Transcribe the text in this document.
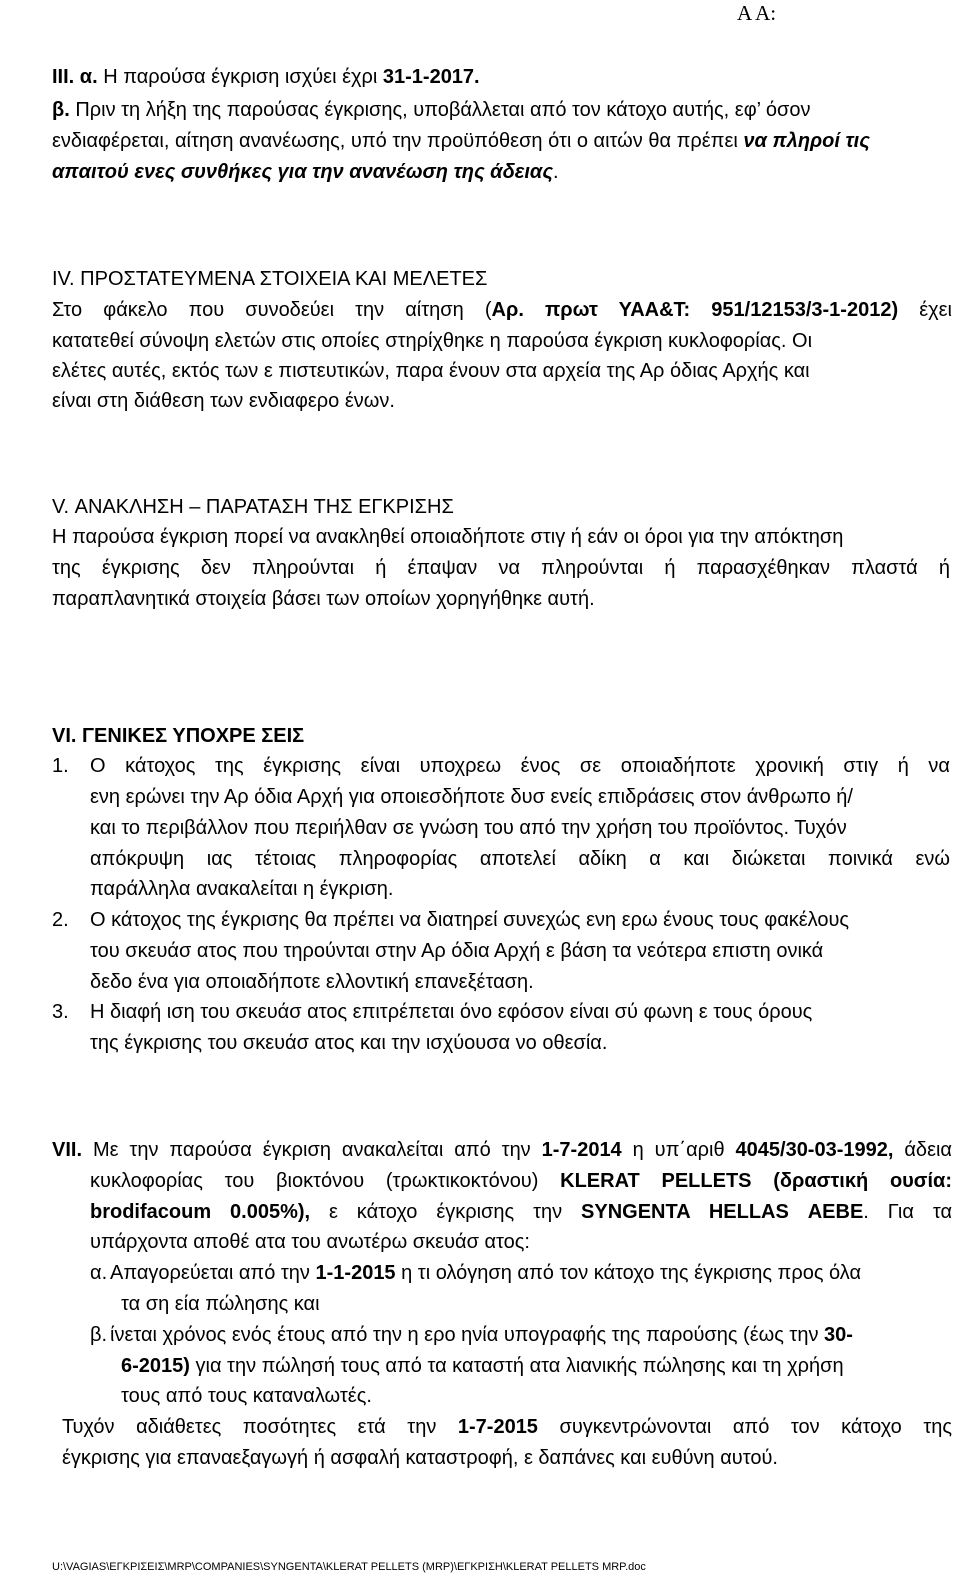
Α Α:
ΙΙΙ. α. Η παρούσα έγκριση ισχύει έχρι 31-1-2017.
β. Πριν τη λήξη της παρούσας έγκρισης, υποβάλλεται από τον κάτοχο αυτής, εφ’ όσον
ενδιαφέρεται, αίτηση ανανέωσης, υπό την προϋπόθεση ότι ο αιτών θα πρέπει να πληροί τις
απαιτού ενες συνθήκες για την ανανέωση της άδειας.
IV. ΠΡΟΣΤΑΤΕΥΜΕΝΑ ΣΤΟΙΧΕΙΑ ΚΑΙ ΜΕΛΕΤΕΣ
Στο φάκελο που συνοδεύει την αίτηση (Αρ. πρωτ ΥΑΑ&Τ: 951/12153/3-1-2012) έχει
κατατεθεί σύνοψη ελετών στις οποίες στηρίχθηκε η παρούσα έγκριση κυκλοφορίας. Οι
ελέτες αυτές, εκτός των ε πιστευτικών, παρα ένουν στα αρχεία της Αρ όδιας Αρχής και
είναι στη διάθεση των ενδιαφερο ένων.
V. ΑΝΑΚΛΗΣΗ – ΠΑΡΑΤΑΣΗ ΤΗΣ ΕΓΚΡΙΣΗΣ
Η παρούσα έγκριση πορεί να ανακληθεί οποιαδήποτε στιγ ή εάν οι όροι για την απόκτηση
της έγκρισης δεν πληρούνται ή έπαψαν να πληρούνται ή παρασχέθηκαν πλαστά ή
παραπλανητικά στοιχεία βάσει των οποίων χορηγήθηκε αυτή.
VI. ΓΕΝΙΚΕΣ ΥΠΟΧΡΕ ΣΕΙΣ
1. Ο κάτοχος της έγκρισης είναι υποχρεω ένος σε οποιαδήποτε χρονική στιγ ή να
ενη ερώνει την Αρ όδια Αρχή για οποιεσδήποτε δυσ ενείς επιδράσεις στον άνθρωπο ή/
και το περιβάλλον που περιήλθαν σε γνώση του από την χρήση του προϊόντος. Τυχόν
απόκρυψη ιας τέτοιας πληροφορίας αποτελεί αδίκη α και διώκεται ποινικά ενώ
παράλληλα ανακαλείται η έγκριση.
2. Ο κάτοχος της έγκρισης θα πρέπει να διατηρεί συνεχώς ενη ερω ένους τους φακέλους
του σκευάσ ατος που τηρούνται στην Αρ όδια Αρχή ε βάση τα νεότερα επιστη ονικά
δεδο ένα για οποιαδήποτε ελλοντική επανεξέταση.
3. Η διαφή ιση του σκευάσ ατος επιτρέπεται όνο εφόσον είναι σύ φωνη ε τους όρους
της έγκρισης του σκευάσ ατος και την ισχύουσα νο οθεσία.
VII. Με την παρούσα έγκριση ανακαλείται από την 1-7-2014 η υπ΄αριθ 4045/30-03-1992, άδεια
κυκλοφορίας του βιοκτόνου (τρωκτικοκτόνου) KLERAT PELLETS (δραστική ουσία:
brodifacoum 0.005%), ε κάτοχο έγκρισης την SYNGENTA HELLAS ΑΕΒΕ. Για τα
υπάρχοντα αποθέ ατα του ανωτέρω σκευάσ ατος:
α. Απαγορεύεται από την 1-1-2015 η τι ολόγηση από τον κάτοχο της έγκρισης προς όλα
τα ση εία πώλησης και
β. ίνεται χρόνος ενός έτους από την η ερο ηνία υπογραφής της παρούσης (έως την 30-
6-2015) για την πώλησή τους από τα καταστή ατα λιανικής πώλησης και τη χρήση
τους από τους καταναλωτές.
Τυχόν αδιάθετες ποσότητες ετά την 1-7-2015 συγκεντρώνονται από τον κάτοχο της
έγκρισης για επαναεξαγωγή ή ασφαλή καταστροφή, ε δαπάνες και ευθύνη αυτού.
U:\VAGIAS\ΕΓΚΡΙΣΕΙΣ\MRP\COMPANIES\SYNGENTA\KLERAT PELLETS (MRP)\ΕΓΚΡΙΣΗ\KLERAT PELLETS MRP.doc
